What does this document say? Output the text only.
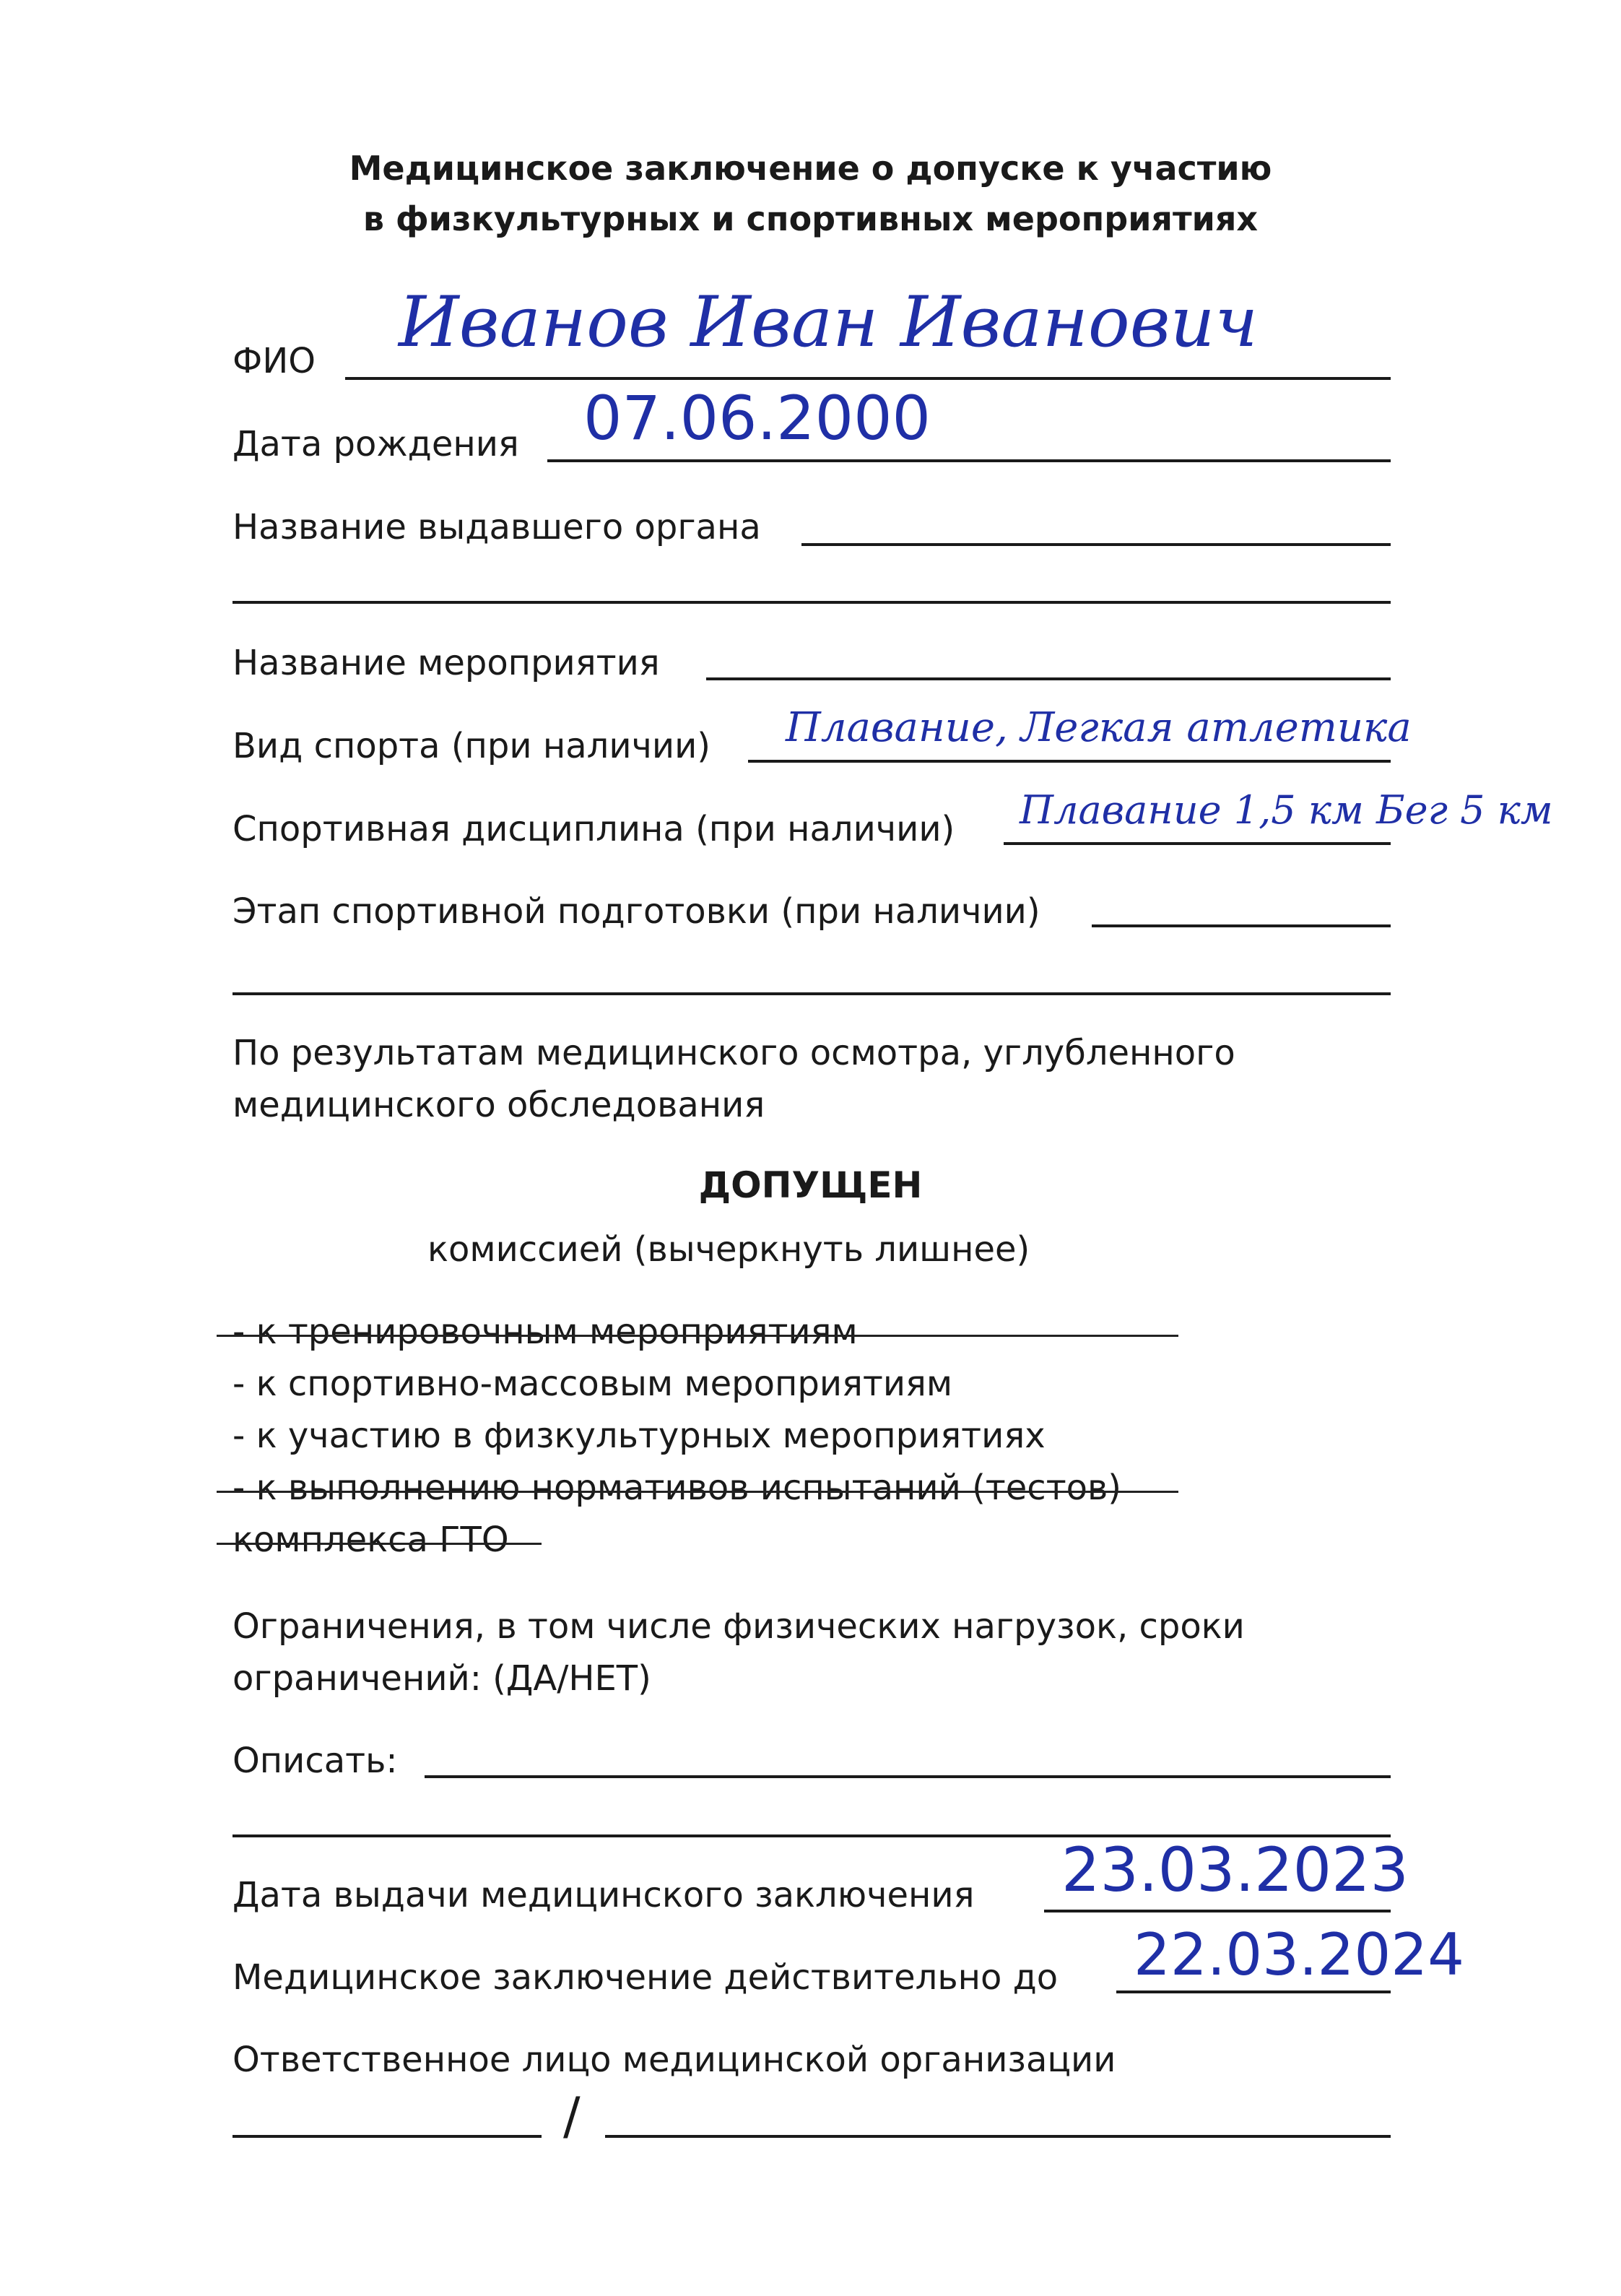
Медицинское заключение о допуске к участию
в физкультурных и спортивных мероприятиях
ФИО Иванов Иван Иванович
Дата рождения 07.06.2000
Название выдавшего органа
Название мероприятия
Вид спорта (при наличии) Плавание, Легкая атлетика
Спортивная дисциплина (при наличии) Плавание 1,5 км Бег 5 км
Этап спортивной подготовки (при наличии)
По результатам медицинского осмотра, углубленного
медицинского обследования
ДОПУЩЕН
комиссией (вычеркнуть лишнее)
- к тренировочным мероприятиям
- к спортивно-массовым мероприятиям
- к участию в физкультурных мероприятиях
- к выполнению нормативов испытаний (тестов)
комплекса ГТО
Ограничения, в том числе физических нагрузок, сроки
ограничений: (ДА/НЕТ)
Описать:
Дата выдачи медицинского заключения 23.03.2023
Медицинское заключение действительно до 22.03.2024
Ответственное лицо медицинской организации
/
